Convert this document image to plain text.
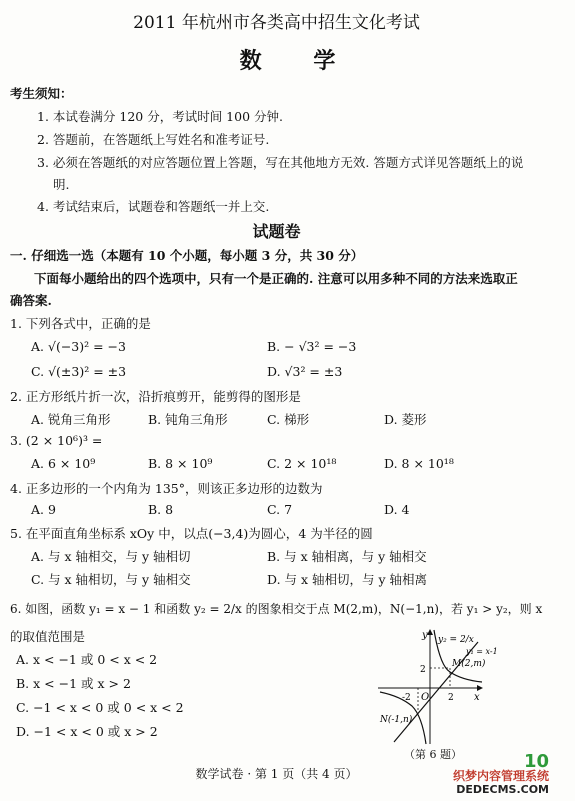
2011 年杭州市各类高中招生文化考试
数 学
考生须知：
1. 本试卷满分 120 分，考试时间 100 分钟.
2. 答题前，在答题纸上写姓名和准考证号.
3. 必须在答题纸的对应答题位置上答题，写在其他地方无效. 答题方式详见答题纸上的说
明.
4. 考试结束后，试题卷和答题纸一并上交.
试题卷
一. 仔细选一选（本题有 10 个小题，每小题 3 分，共 30 分）
下面每小题给出的四个选项中，只有一个是正确的. 注意可以用多种不同的方法来选取正
确答案.
1. 下列各式中，正确的是
A. √(−3)² = −3	B. − √3² = −3
C. √(±3)² = ±3	D. √3² = ±3
2. 正方形纸片折一次，沿折痕剪开，能剪得的图形是
A. 锐角三角形	B. 钝角三角形	C. 梯形	D. 菱形
3. (2 × 10⁶)³ =
A. 6 × 10⁹	B. 8 × 10⁹	C. 2 × 10¹⁸	D. 8 × 10¹⁸
4. 正多边形的一个内角为 135°，则该正多边形的边数为
A. 9	B. 8	C. 7	D. 4
5. 在平面直角坐标系 xOy 中，以点(−3,4)为圆心，4 为半径的圆
A. 与 x 轴相交，与 y 轴相切	B. 与 x 轴相离，与 y 轴相交
C. 与 x 轴相切，与 y 轴相交	D. 与 x 轴相切，与 y 轴相离
6. 如图，函数 y₁ = x − 1 和函数 y₂ = 2/x 的图象相交于点 M(2,m)，N(−1,n)，若 y₁ > y₂，则 x
的取值范围是
A. x < −1 或 0 < x < 2
B. x < −1 或 x > 2
C. −1 < x < 0 或 0 < x < 2
D. −1 < x < 0 或 x > 2
y
x
O
y₂ = 2/x
y₁ = x-1
M(2,m)
N(-1,n)
2
-2	2
（第 6 题）
数学试卷 · 第 1 页（共 4 页）
10
织梦内容管理系统
DEDECMS.COM
